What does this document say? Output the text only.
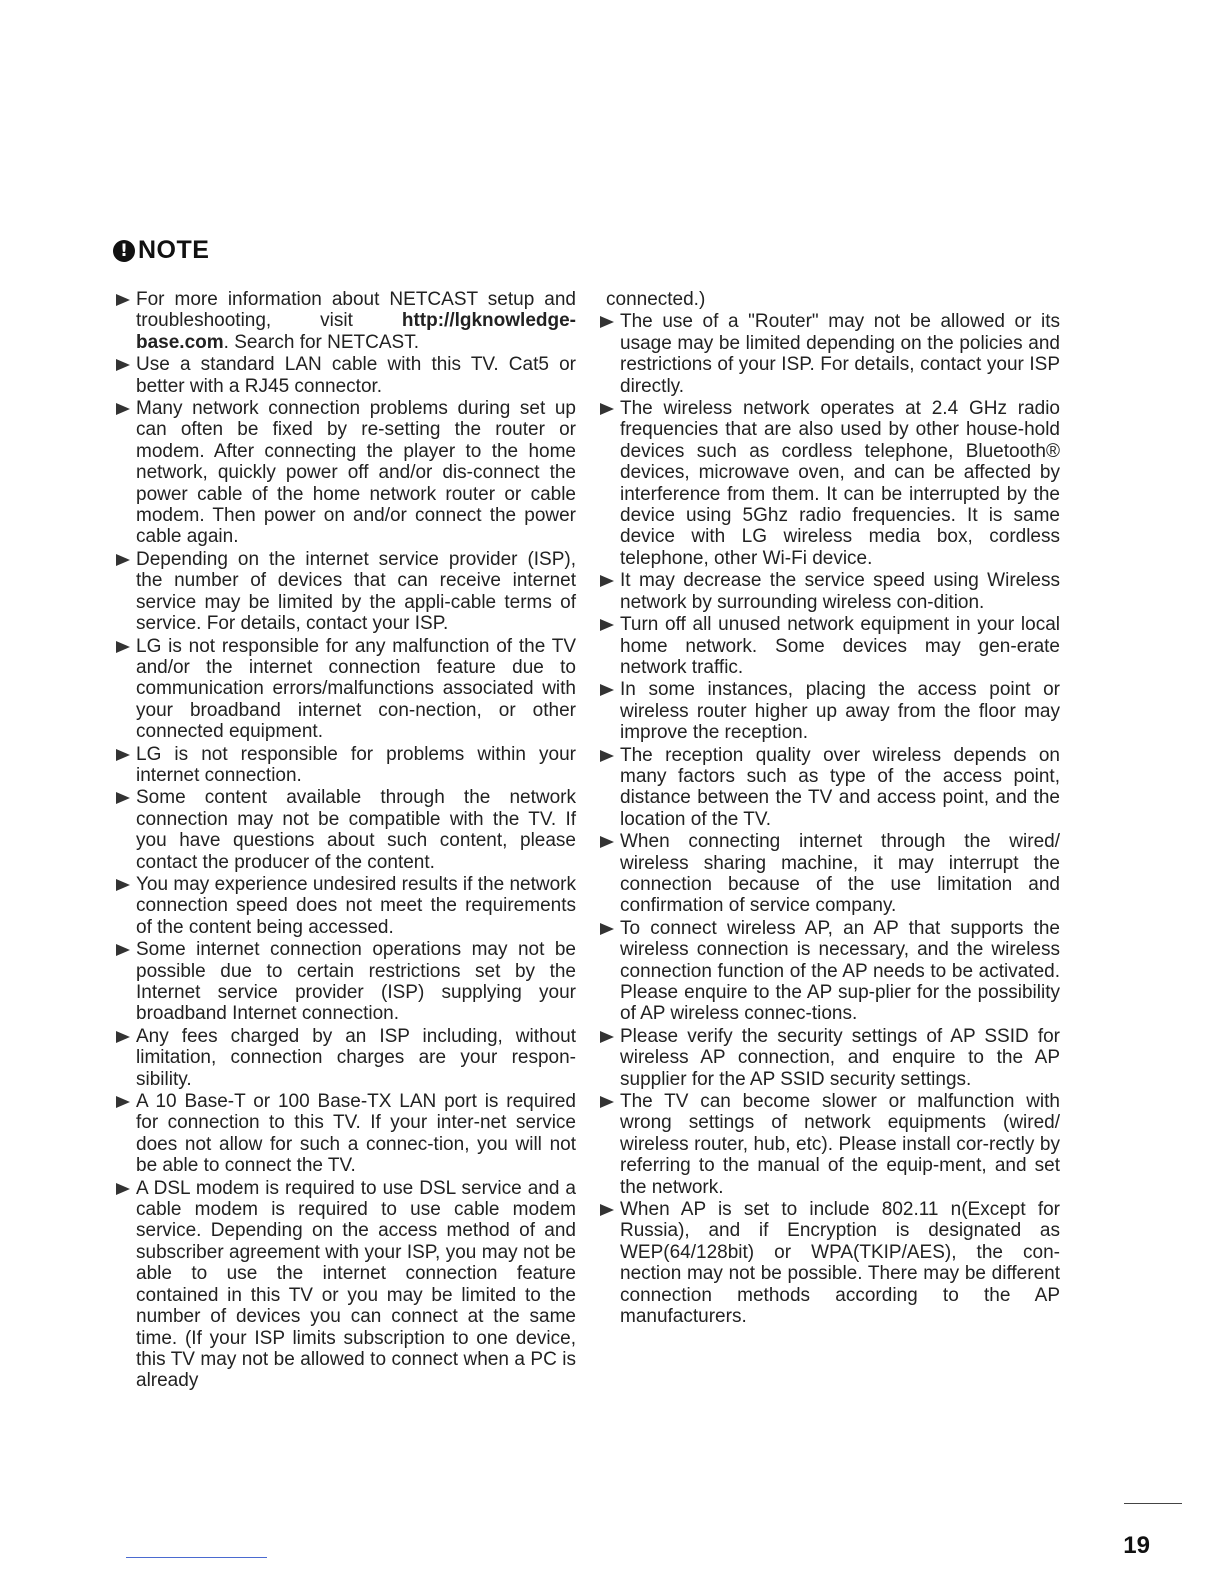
! NOTE
For more information about NETCAST setup and troubleshooting, visit http://lgknowledge-base.com. Search for NETCAST.
Use a standard LAN cable with this TV. Cat5 or better with a RJ45 connector.
Many network connection problems during set up can often be fixed by re-setting the router or modem. After connecting the player to the home network, quickly power off and/or dis-connect the power cable of the home network router or cable modem. Then power on and/or connect the power cable again.
Depending on the internet service provider (ISP), the number of devices that can receive internet service may be limited by the appli-cable terms of service. For details, contact your ISP.
LG is not responsible for any malfunction of the TV and/or the internet connection feature due to communication errors/malfunctions associated with your broadband internet con-nection, or other connected equipment.
LG is not responsible for problems within your internet connection.
Some content available through the network connection may not be compatible with the TV. If you have questions about such content, please contact the producer of the content.
You may experience undesired results if the network connection speed does not meet the requirements of the content being accessed.
Some internet connection operations may not be possible due to certain restrictions set by the Internet service provider (ISP) supplying your broadband Internet connection.
Any fees charged by an ISP including, without limitation, connection charges are your respon-sibility.
A 10 Base-T or 100 Base-TX LAN port is required for connection to this TV. If your inter-net service does not allow for such a connec-tion, you will not be able to connect the TV.
A DSL modem is required to use DSL service and a cable modem is required to use cable modem service. Depending on the access method of and subscriber agreement with your ISP, you may not be able to use the internet connection feature contained in this TV or you may be limited to the number of devices you can connect at the same time. (If your ISP limits subscription to one device, this TV may not be allowed to connect when a PC is already
connected.)
The use of a "Router" may not be allowed or its usage may be limited depending on the policies and restrictions of your ISP. For details, contact your ISP directly.
The wireless network operates at 2.4 GHz radio frequencies that are also used by other house-hold devices such as cordless telephone, Bluetooth® devices, microwave oven, and can be affected by interference from them. It can be interrupted by the device using 5Ghz radio frequencies. It is same device with LG wireless media box, cordless telephone, other Wi-Fi device.
It may decrease the service speed using Wireless network by surrounding wireless con-dition.
Turn off all unused network equipment in your local home network. Some devices may gen-erate network traffic.
In some instances, placing the access point or wireless router higher up away from the floor may improve the reception.
The reception quality over wireless depends on many factors such as type of the access point, distance between the TV and access point, and the location of the TV.
When connecting internet through the wired/ wireless sharing machine, it may interrupt the connection because of the use limitation and confirmation of service company.
To connect wireless AP, an AP that supports the wireless connection is necessary, and the wireless connection function of the AP needs to be activated. Please enquire to the AP sup-plier for the possibility of AP wireless connec-tions.
Please verify the security settings of AP SSID for wireless AP connection, and enquire to the AP supplier for the AP SSID security settings.
The TV can become slower or malfunction with wrong settings of network equipments (wired/ wireless router, hub, etc). Please install cor-rectly by referring to the manual of the equip-ment, and set the network.
When AP is set to include 802.11 n(Except for Russia), and if Encryption is designated as WEP(64/128bit) or WPA(TKIP/AES), the con-nection may not be possible. There may be different connection methods according to the AP manufacturers.
19
